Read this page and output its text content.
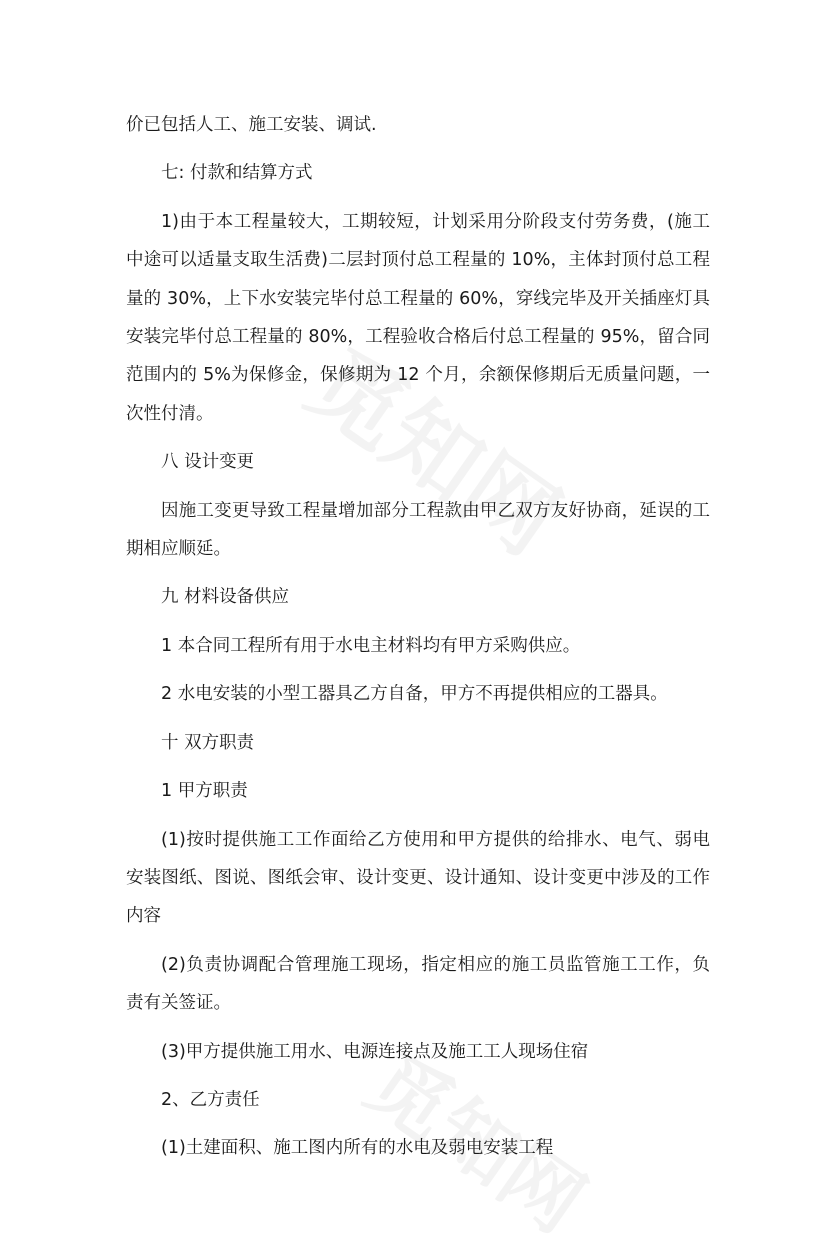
价已包括人工、施工安装、调试.

七: 付款和结算方式

1)由于本工程量较大，工期较短，计划采用分阶段支付劳务费，(施工中途可以适量支取生活费)二层封顶付总工程量的 10%，主体封顶付总工程量的 30%，上下水安装完毕付总工程量的 60%，穿线完毕及开关插座灯具安装完毕付总工程量的 80%，工程验收合格后付总工程量的 95%，留合同范围内的 5%为保修金，保修期为 12 个月，余额保修期后无质量问题，一次性付清。

八 设计变更

因施工变更导致工程量增加部分工程款由甲乙双方友好协商，延误的工期相应顺延。

九 材料设备供应

1 本合同工程所有用于水电主材料均有甲方采购供应。

2 水电安装的小型工器具乙方自备，甲方不再提供相应的工器具。

十 双方职责

1 甲方职责

(1)按时提供施工工作面给乙方使用和甲方提供的给排水、电气、弱电安装图纸、图说、图纸会审、设计变更、设计通知、设计变更中涉及的工作内容

(2)负责协调配合管理施工现场，指定相应的施工员监管施工工作，负责有关签证。

(3)甲方提供施工用水、电源连接点及施工工人现场住宿

2、乙方责任

(1)土建面积、施工图内所有的水电及弱电安装工程
